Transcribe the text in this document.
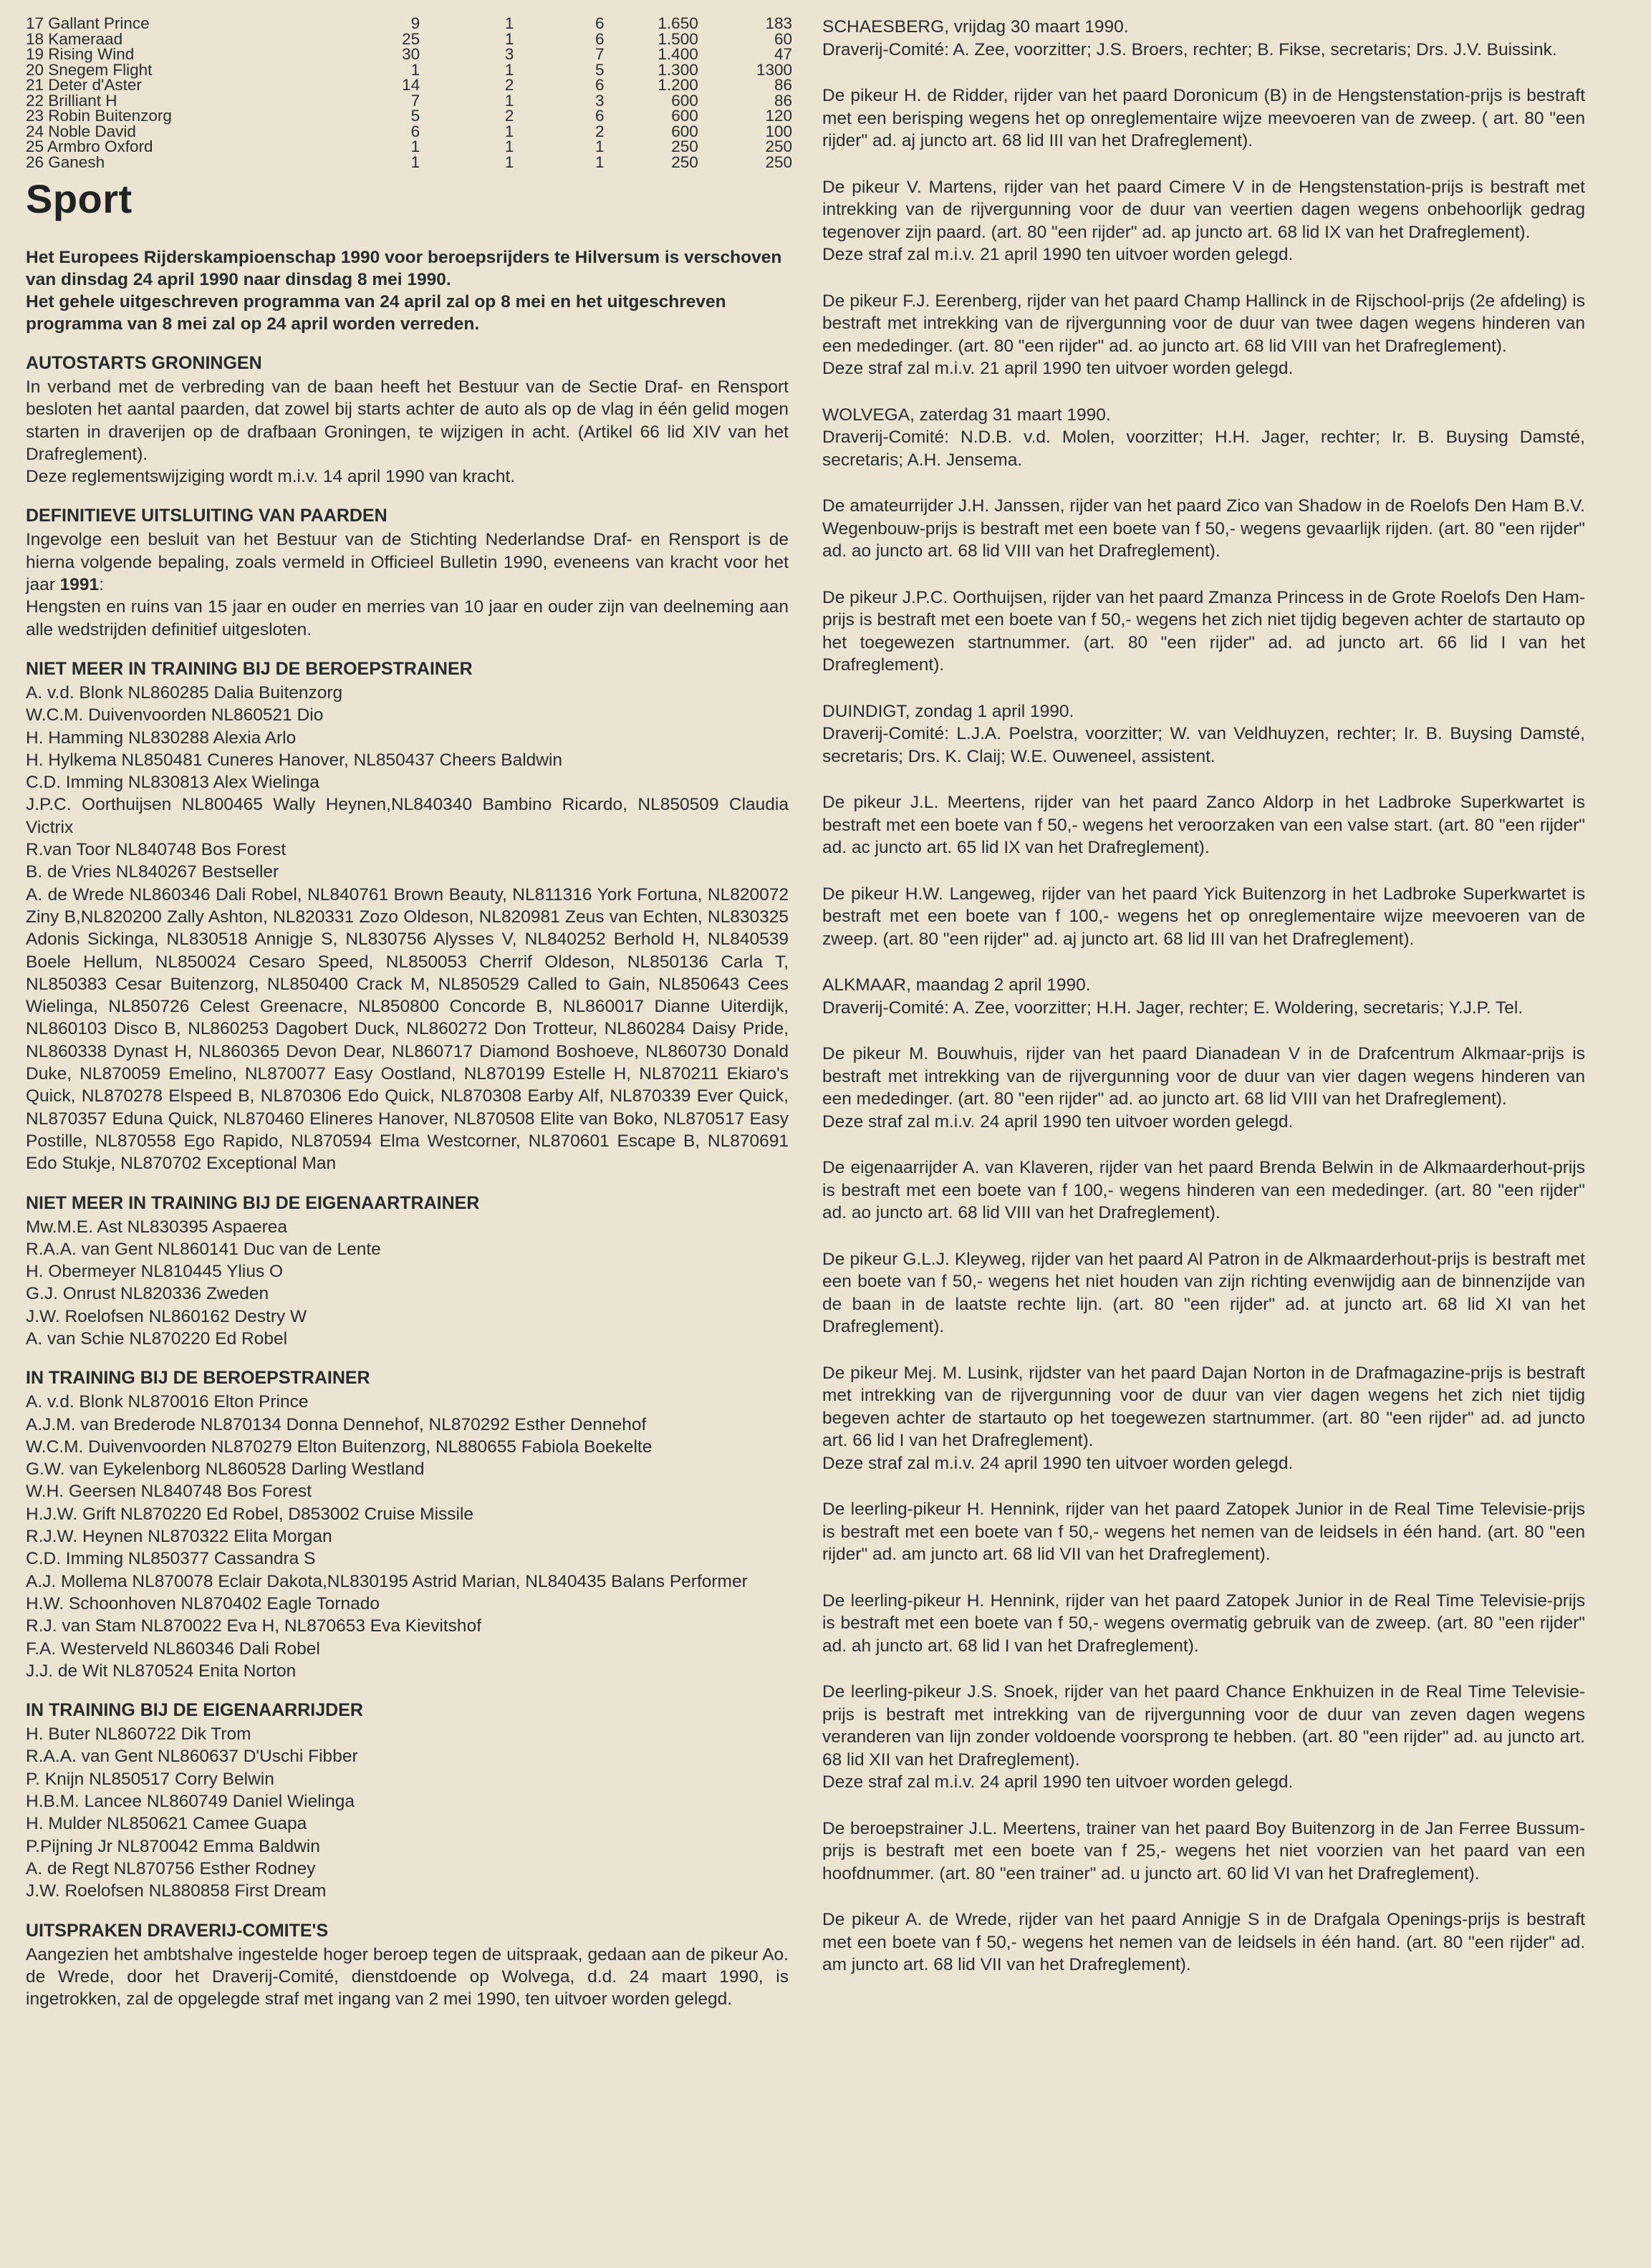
17 Gallant Prince	9	1	6	1.650	183
18 Kameraad	25	1	6	1.500	60
19 Rising Wind	30	3	7	1.400	47
20 Snegem Flight	1	1	5	1.300	1300
21 Deter d'Aster	14	2	6	1.200	86
22 Brilliant H	7	1	3	600	86
23 Robin Buitenzorg	5	2	6	600	120
24 Noble David	6	1	2	600	100
25 Armbro Oxford	1	1	1	250	250
26 Ganesh	1	1	1	250	250
Sport

Het Europees Rijderskampioenschap 1990 voor beroepsrijders te Hilversum is verschoven van dinsdag 24 april 1990 naar dinsdag 8 mei 1990.

Het gehele uitgeschreven programma van 24 april zal op 8 mei en het uitgeschreven programma van 8 mei zal op 24 april worden verreden.

AUTOSTARTS GRONINGEN

In verband met de verbreding van de baan heeft het Bestuur van de Sectie Draf- en Rensport besloten het aantal paarden, dat zowel bij starts achter de auto als op de vlag in één gelid mogen starten in draverijen op de drafbaan Groningen, te wijzigen in acht. (Artikel 66 lid XIV van het Drafreglement).

Deze reglementswijziging wordt m.i.v. 14 april 1990 van kracht.
DEFINITIEVE UITSLUITING VAN PAARDEN

Ingevolge een besluit van het Bestuur van de Stichting Nederlandse Draf- en Rensport is de hierna volgende bepaling, zoals vermeld in Officieel Bulletin 1990, eveneens van kracht voor het jaar 1991:

Hengsten en ruins van 15 jaar en ouder en merries van 10 jaar en ouder zijn van deelneming aan alle wedstrijden definitief uitgesloten.

NIET MEER IN TRAINING BIJ DE BEROEPSTRAINER
A. v.d. Blonk NL860285 Dalia Buitenzorg
W.C.M. Duivenvoorden NL860521 Dio
H. Hamming NL830288 Alexia Arlo
H. Hylkema NL850481 Cuneres Hanover, NL850437 Cheers Baldwin
C.D. Imming NL830813 Alex Wielinga

J.P.C. Oorthuijsen NL800465 Wally Heynen,NL840340 Bambino Ricardo, NL850509 Claudia Victrix

R.van Toor NL840748 Bos Forest
B. de Vries NL840267 Bestseller

A. de Wrede NL860346 Dali Robel, NL840761 Brown Beauty, NL811316 York Fortuna, NL820072 Ziny B,NL820200 Zally Ashton, NL820331 Zozo Oldeson, NL820981 Zeus van Echten, NL830325 Adonis Sickinga, NL830518 Annigje S, NL830756 Alysses V, NL840252 Berhold H, NL840539 Boele Hellum, NL850024 Cesaro Speed, NL850053 Cherrif Oldeson, NL850136 Carla T, NL850383 Cesar Buitenzorg, NL850400 Crack M, NL850529 Called to Gain, NL850643 Cees Wielinga, NL850726 Celest Greenacre, NL850800 Concorde B, NL860017 Dianne Uiterdijk, NL860103 Disco B, NL860253 Dagobert Duck, NL860272 Don Trotteur, NL860284 Daisy Pride, NL860338 Dynast H, NL860365 Devon Dear, NL860717 Diamond Boshoeve, NL860730 Donald Duke, NL870059 Emelino, NL870077 Easy Oostland, NL870199 Estelle H, NL870211 Ekiaro's Quick, NL870278 Elspeed B, NL870306 Edo Quick, NL870308 Earby Alf, NL870339 Ever Quick, NL870357 Eduna Quick, NL870460 Elineres Hanover, NL870508 Elite van Boko, NL870517 Easy Postille, NL870558 Ego Rapido, NL870594 Elma Westcorner, NL870601 Escape B, NL870691 Edo Stukje, NL870702 Exceptional Man

NIET MEER IN TRAINING BIJ DE EIGENAARTRAINER
Mw.M.E. Ast NL830395 Aspaerea
R.A.A. van Gent NL860141 Duc van de Lente
H. Obermeyer NL810445 Ylius O
G.J. Onrust NL820336 Zweden
J.W. Roelofsen NL860162 Destry W
A. van Schie NL870220 Ed Robel
IN TRAINING BIJ DE BEROEPSTRAINER
A. v.d. Blonk NL870016 Elton Prince
A.J.M. van Brederode NL870134 Donna Dennehof, NL870292 Esther Dennehof
W.C.M. Duivenvoorden NL870279 Elton Buitenzorg, NL880655 Fabiola Boekelte
G.W. van Eykelenborg NL860528 Darling Westland
W.H. Geersen NL840748 Bos Forest
H.J.W. Grift NL870220 Ed Robel, D853002 Cruise Missile
R.J.W. Heynen NL870322 Elita Morgan
C.D. Imming NL850377 Cassandra S

A.J. Mollema NL870078 Eclair Dakota,NL830195 Astrid Marian, NL840435 Balans Performer

H.W. Schoonhoven NL870402 Eagle Tornado
R.J. van Stam NL870022 Eva H, NL870653 Eva Kievitshof
F.A. Westerveld NL860346 Dali Robel
J.J. de Wit NL870524 Enita Norton
IN TRAINING BIJ DE EIGENAARRIJDER
H. Buter NL860722 Dik Trom
R.A.A. van Gent NL860637 D'Uschi Fibber
P. Knijn NL850517 Corry Belwin
H.B.M. Lancee NL860749 Daniel Wielinga
H. Mulder NL850621 Camee Guapa
P.Pijning Jr NL870042 Emma Baldwin
A. de Regt NL870756 Esther Rodney
J.W. Roelofsen NL880858 First Dream
UITSPRAKEN DRAVERIJ-COMITE'S

Aangezien het ambtshalve ingestelde hoger beroep tegen de uitspraak, gedaan aan de pikeur Ao. de Wrede, door het Draverij-Comité, dienstdoende op Wolvega, d.d. 24 maart 1990, is ingetrokken, zal de opgelegde straf met ingang van 2 mei 1990, ten uitvoer worden gelegd.

SCHAESBERG, vrijdag 30 maart 1990.

Draverij-Comité: A. Zee, voorzitter; J.S. Broers, rechter; B. Fikse, secretaris; Drs. J.V. Buissink.

De pikeur H. de Ridder, rijder van het paard Doronicum (B) in de Hengstenstation-prijs is bestraft met een berisping wegens het op onreglementaire wijze meevoeren van de zweep. ( art. 80 "een rijder" ad. aj juncto art. 68 lid III van het Drafreglement).

De pikeur V. Martens, rijder van het paard Cimere V in de Hengstenstation-prijs is bestraft met intrekking van de rijvergunning voor de duur van veertien dagen wegens onbehoorlijk gedrag tegenover zijn paard. (art. 80 "een rijder" ad. ap juncto art. 68 lid IX van het Drafreglement).

Deze straf zal m.i.v. 21 april 1990 ten uitvoer worden gelegd.

De pikeur F.J. Eerenberg, rijder van het paard Champ Hallinck in de Rijschool-prijs (2e afdeling) is bestraft met intrekking van de rijvergunning voor de duur van twee dagen wegens hinderen van een mededinger. (art. 80 "een rijder" ad. ao juncto art. 68 lid VIII van het Drafreglement).

Deze straf zal m.i.v. 21 april 1990 ten uitvoer worden gelegd.

WOLVEGA, zaterdag 31 maart 1990.

Draverij-Comité: N.D.B. v.d. Molen, voorzitter; H.H. Jager, rechter; Ir. B. Buysing Damsté, secretaris; A.H. Jensema.

De amateurrijder J.H. Janssen, rijder van het paard Zico van Shadow in de Roelofs Den Ham B.V. Wegenbouw-prijs is bestraft met een boete van f 50,- wegens gevaarlijk rijden. (art. 80 "een rijder" ad. ao juncto art. 68 lid VIII van het Drafreglement).

De pikeur J.P.C. Oorthuijsen, rijder van het paard Zmanza Princess in de Grote Roelofs Den Ham-prijs is bestraft met een boete van f 50,- wegens het zich niet tijdig begeven achter de startauto op het toegewezen startnummer. (art. 80 "een rijder" ad. ad juncto art. 66 lid I van het Drafreglement).

DUINDIGT, zondag 1 april 1990.

Draverij-Comité: L.J.A. Poelstra, voorzitter; W. van Veldhuyzen, rechter; Ir. B. Buysing Damsté, secretaris; Drs. K. Claij; W.E. Ouweneel, assistent.

De pikeur J.L. Meertens, rijder van het paard Zanco Aldorp in het Ladbroke Superkwartet is bestraft met een boete van f 50,- wegens het veroorzaken van een valse start. (art. 80 "een rijder" ad. ac juncto art. 65 lid IX van het Drafreglement).

De pikeur H.W. Langeweg, rijder van het paard Yick Buitenzorg in het Ladbroke Superkwartet is bestraft met een boete van f 100,- wegens het op onreglementaire wijze meevoeren van de zweep. (art. 80 "een rijder" ad. aj juncto art. 68 lid III van het Drafreglement).

ALKMAAR, maandag 2 april 1990.

Draverij-Comité: A. Zee, voorzitter; H.H. Jager, rechter; E. Woldering, secretaris; Y.J.P. Tel.

De pikeur M. Bouwhuis, rijder van het paard Dianadean V in de Drafcentrum Alkmaar-prijs is bestraft met intrekking van de rijvergunning voor de duur van vier dagen wegens hinderen van een mededinger. (art. 80 "een rijder" ad. ao juncto art. 68 lid VIII van het Drafreglement).

Deze straf zal m.i.v. 24 april 1990 ten uitvoer worden gelegd.

De eigenaarrijder A. van Klaveren, rijder van het paard Brenda Belwin in de Alkmaarderhout-prijs is bestraft met een boete van f 100,- wegens hinderen van een mededinger. (art. 80 "een rijder" ad. ao juncto art. 68 lid VIII van het Drafreglement).

De pikeur G.L.J. Kleyweg, rijder van het paard Al Patron in de Alkmaarderhout-prijs is bestraft met een boete van f 50,- wegens het niet houden van zijn richting evenwijdig aan de binnenzijde van de baan in de laatste rechte lijn. (art. 80 "een rijder" ad. at juncto art. 68 lid XI van het Drafreglement).

De pikeur Mej. M. Lusink, rijdster van het paard Dajan Norton in de Drafmagazine-prijs is bestraft met intrekking van de rijvergunning voor de duur van vier dagen wegens het zich niet tijdig begeven achter de startauto op het toegewezen startnummer. (art. 80 "een rijder" ad. ad juncto art. 66 lid I van het Drafreglement).

Deze straf zal m.i.v. 24 april 1990 ten uitvoer worden gelegd.

De leerling-pikeur H. Hennink, rijder van het paard Zatopek Junior in de Real Time Televisie-prijs is bestraft met een boete van f 50,- wegens het nemen van de leidsels in één hand. (art. 80 "een rijder" ad. am juncto art. 68 lid VII van het Drafreglement).

De leerling-pikeur H. Hennink, rijder van het paard Zatopek Junior in de Real Time Televisie-prijs is bestraft met een boete van f 50,- wegens overmatig gebruik van de zweep. (art. 80 "een rijder" ad. ah juncto art. 68 lid I van het Drafreglement).

De leerling-pikeur J.S. Snoek, rijder van het paard Chance Enkhuizen in de Real Time Televisie-prijs is bestraft met intrekking van de rijvergunning voor de duur van zeven dagen wegens veranderen van lijn zonder voldoende voorsprong te hebben. (art. 80 "een rijder" ad. au juncto art. 68 lid XII van het Drafreglement).

Deze straf zal m.i.v. 24 april 1990 ten uitvoer worden gelegd.

De beroepstrainer J.L. Meertens, trainer van het paard Boy Buitenzorg in de Jan Ferree Bussum-prijs is bestraft met een boete van f 25,- wegens het niet voorzien van het paard van een hoofdnummer. (art. 80 "een trainer" ad. u juncto art. 60 lid VI van het Drafreglement).

De pikeur A. de Wrede, rijder van het paard Annigje S in de Drafgala Openings-prijs is bestraft met een boete van f 50,- wegens het nemen van de leidsels in één hand. (art. 80 "een rijder" ad. am juncto art. 68 lid VII van het Drafreglement).
